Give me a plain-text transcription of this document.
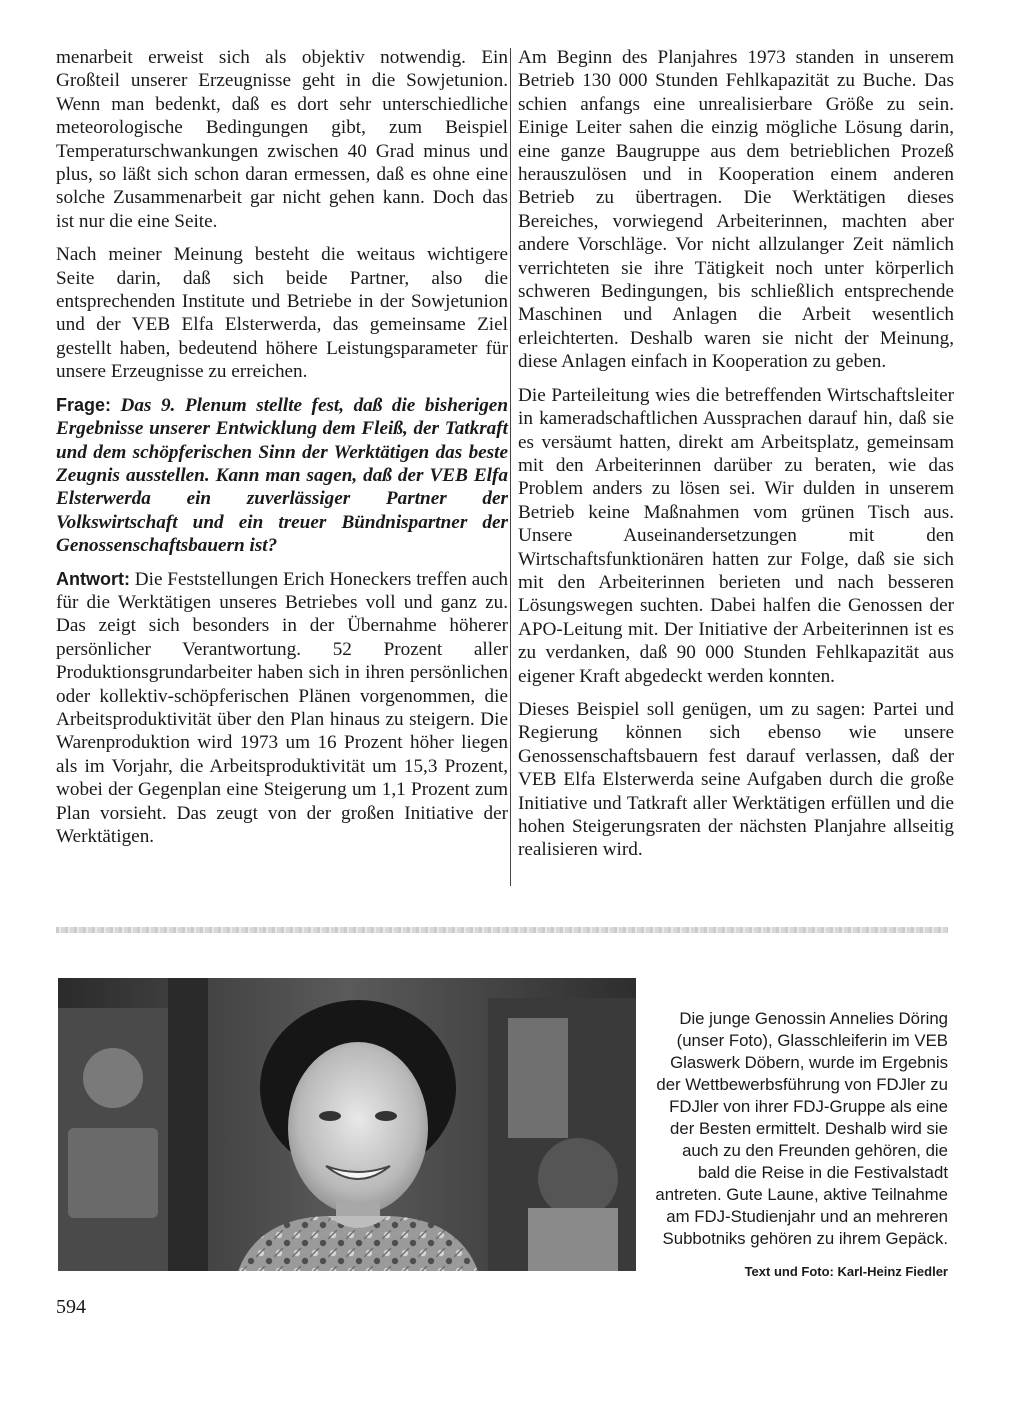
menarbeit erweist sich als objektiv notwendig. Ein Großteil unserer Erzeugnisse geht in die Sowjetunion. Wenn man bedenkt, daß es dort sehr unterschiedliche meteorologische Bedingungen gibt, zum Beispiel Temperaturschwankungen zwischen 40 Grad minus und plus, so läßt sich schon daran ermessen, daß es ohne eine solche Zusammenarbeit gar nicht gehen kann. Doch das ist nur die eine Seite.

Nach meiner Meinung besteht die weitaus wichtigere Seite darin, daß sich beide Partner, also die entsprechenden Institute und Betriebe in der Sowjetunion und der VEB Elfa Elsterwerda, das gemeinsame Ziel gestellt haben, bedeutend höhere Leistungsparameter für unsere Erzeugnisse zu erreichen.

Frage: Das 9. Plenum stellte fest, daß die bisherigen Ergebnisse unserer Entwicklung dem Fleiß, der Tatkraft und dem schöpferischen Sinn der Werktätigen das beste Zeugnis ausstellen. Kann man sagen, daß der VEB Elfa Elsterwerda ein zuverlässiger Partner der Volkswirtschaft und ein treuer Bündnispartner der Genossenschaftsbauern ist?

Antwort: Die Feststellungen Erich Honeckers treffen auch für die Werktätigen unseres Betriebes voll und ganz zu. Das zeigt sich besonders in der Übernahme höherer persönlicher Verantwortung. 52 Prozent aller Produktionsgrundarbeiter haben sich in ihren persönlichen oder kollektiv-schöpferischen Plänen vorgenommen, die Arbeitsproduktivität über den Plan hinaus zu steigern. Die Warenproduktion wird 1973 um 16 Prozent höher liegen als im Vorjahr, die Arbeitsproduktivität um 15,3 Prozent, wobei der Gegenplan eine Steigerung um 1,1 Prozent zum Plan vorsieht. Das zeugt von der großen Initiative der Werktätigen.

Am Beginn des Planjahres 1973 standen in unserem Betrieb 130 000 Stunden Fehlkapazität zu Buche. Das schien anfangs eine unrealisierbare Größe zu sein. Einige Leiter sahen die einzig mögliche Lösung darin, eine ganze Baugruppe aus dem betrieblichen Prozeß herauszulösen und in Kooperation einem anderen Betrieb zu übertragen. Die Werktätigen dieses Bereiches, vorwiegend Arbeiterinnen, machten aber andere Vorschläge. Vor nicht allzulanger Zeit nämlich verrichteten sie ihre Tätigkeit noch unter körperlich schweren Bedingungen, bis schließlich entsprechende Maschinen und Anlagen die Arbeit wesentlich erleichterten. Deshalb waren sie nicht der Meinung, diese Anlagen einfach in Kooperation zu geben.

Die Parteileitung wies die betreffenden Wirtschaftsleiter in kameradschaftlichen Aussprachen darauf hin, daß sie es versäumt hatten, direkt am Arbeitsplatz, gemeinsam mit den Arbeiterinnen darüber zu beraten, wie das Problem anders zu lösen sei. Wir dulden in unserem Betrieb keine Maßnahmen vom grünen Tisch aus. Unsere Auseinandersetzungen mit den Wirtschaftsfunktionären hatten zur Folge, daß sie sich mit den Arbeiterinnen berieten und nach besseren Lösungswegen suchten. Dabei halfen die Genossen der APO-Leitung mit. Der Initiative der Arbeiterinnen ist es zu verdanken, daß 90 000 Stunden Fehlkapazität aus eigener Kraft abgedeckt werden konnten.

Dieses Beispiel soll genügen, um zu sagen: Partei und Regierung können sich ebenso wie unsere Genossenschaftsbauern fest darauf verlassen, daß der VEB Elfa Elsterwerda seine Aufgaben durch die große Initiative und Tatkraft aller Werktätigen erfüllen und die hohen Steigerungsraten der nächsten Planjahre allseitig realisieren wird.

Die junge Genossin Annelies Döring (unser Foto), Glasschleiferin im VEB Glaswerk Döbern, wurde im Ergebnis der Wettbewerbsführung von FDJler zu FDJler von ihrer FDJ-Gruppe als eine der Besten ermittelt. Deshalb wird sie auch zu den Freunden gehören, die bald die Reise in die Festivalstadt antreten. Gute Laune, aktive Teilnahme am FDJ-Studienjahr und an mehreren Subbotniks gehören zu ihrem Gepäck.
Text und Foto: Karl-Heinz Fiedler
594
